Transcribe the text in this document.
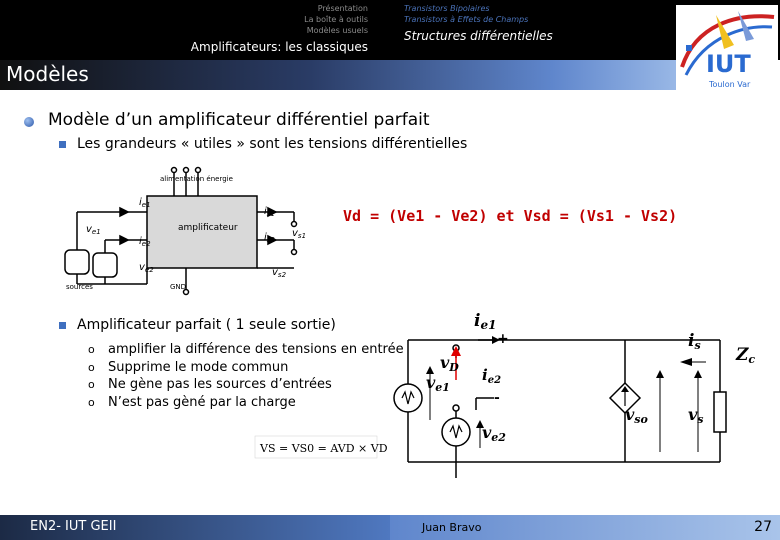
Présentation
La boîte à outils
Modèles usuels
Amplificateurs: les classiques
Transistors Bipolaires
Transistors à Effets de Champs
Structures différentielles
Modèles	IUT
Toulon Var
Modèle d’un amplificateur différentiel parfait
Les grandeurs « utiles » sont les tensions différentielles
Vd = (Ve1 - Ve2) et Vsd = (Vs1 - Vs2)
Amplificateur parfait ( 1 seule sortie)
o amplifier la différence des tensions en entrée
o Supprime le mode commun
o Ne gène pas les sources d’entrées
o N’est pas gèné par la charge
alimentation énergie
amplificateur
sources	GND
$i_{e1}$
$i_{e2}$
$v_{e1}$
$v_{e2}$
$i_{s1}$
$i_{s2}$
$v_{s1}$
$v_{s2}$
ie1
+
vD
ve1
$i_{e2}$
-
ve2
is Zc
vso	vs
VS = VS0 = AVD × VD
EN2- IUT GEII	Juan Bravo	27
